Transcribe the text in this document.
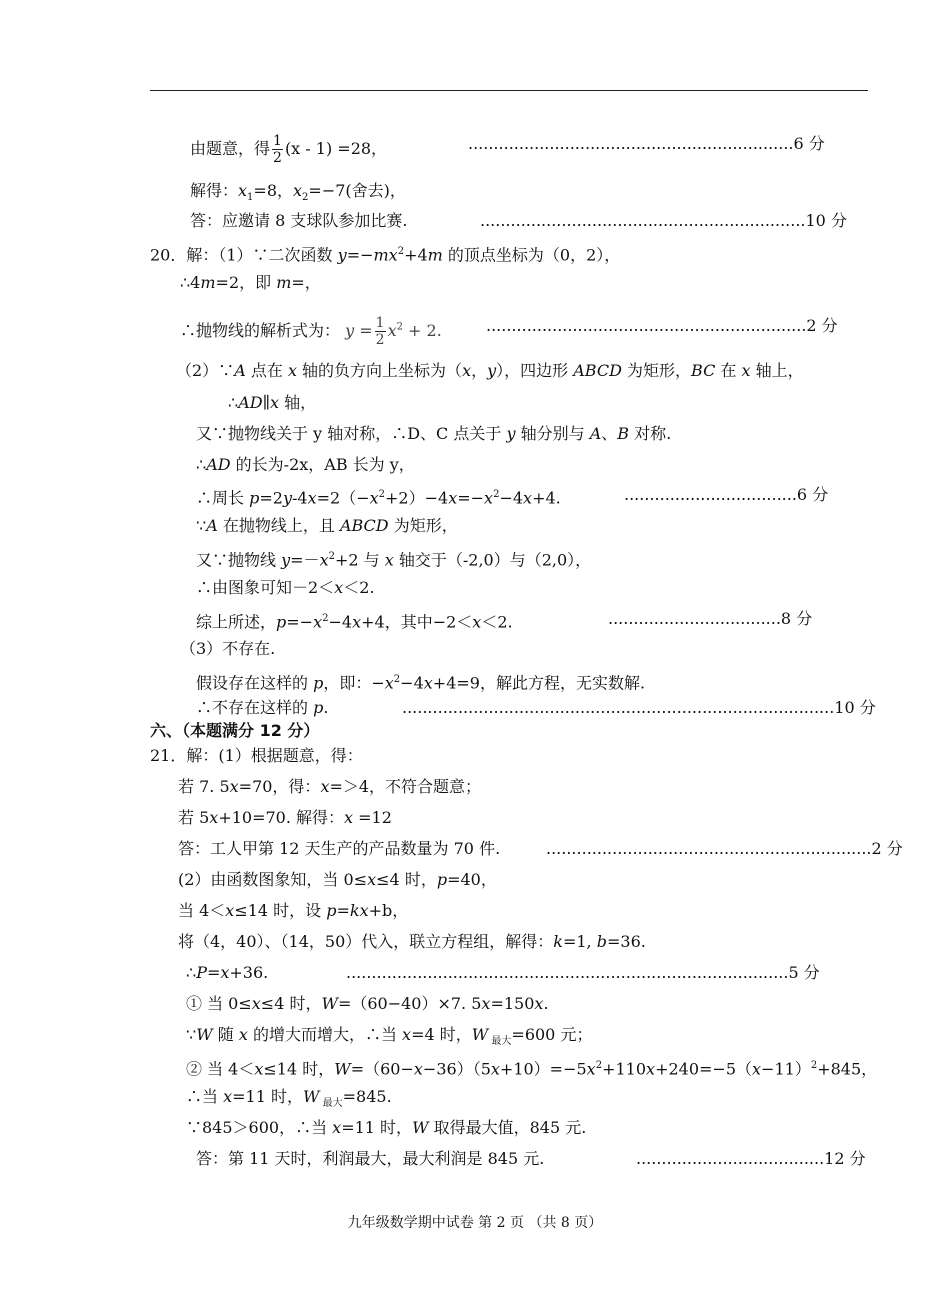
由题意，得 $\frac{1}{2} (x - 1) =28$，	................................................................6 分
解得：$x_1=8$，$x_2=-7$(舍去)，
答：应邀请 8 支球队参加比赛.	................................................................10 分
20．解：（1）∵二次函数 $y=-mx^2+4m$ 的顶点坐标为（0，2），
∴4m=2，即 m=，
∴抛物线的解析式为： $y = \frac{1}{2} x^2 + 2$.	...............................................................2 分
（2）∵A 点在 x 轴的负方向上坐标为（x，y），四边形 ABCD 为矩形，BC 在 x 轴上，
∴AD∥x 轴，
又∵抛物线关于 y 轴对称，∴D、C 点关于 y 轴分别与 A、B 对称.
∴AD 的长为-2x，AB 长为 y，
∴周长 $p=2y-4x=2(-x^2+2)-4x=-x^2-4x+4$.	..................................6 分
∵A 在抛物线上，且 ABCD 为矩形，
又∵抛物线 $y=-x^2+2$ 与 x 轴交于（-2,0）与（2,0），
∴由图象可知－2＜x＜2.
综上所述，$p=-x^2-4x+4$，其中−2＜x＜2.	..................................8 分
（3）不存在.
假设存在这样的 p，即：$-x^2-4x+4=9$，解此方程，无实数解.
∴不存在这样的 p.	.....................................................................................10 分
六、（本题满分 12 分）
21．解：(1）根据题意，得：
若 7. 5x=70，得：x=＞4，不符合题意；
若 5x+10=70. 解得：x =12
答：工人甲第 12 天生产的产品数量为 70 件.	................................................................2 分
(2）由函数图象知，当 0≤x≤4 时，p=40，
当 4＜x≤14 时，设 p=kx+b，
将（4，40）、（14，50）代入，联立方程组，解得：k=1, b=36.
∴P=x+36.	.......................................................................................5 分
① 当 0≤x≤4 时，W=（60−40）×7. 5x=150x.
∵W 随 x 的增大而增大，∴当 x=4 时，W $_{最大}$=600 元；
② 当 4＜x≤14 时，$W=(60-x-36)(5x+10)=-5x^2+110x+240=-5(x-11)^2+845$，
∴当 x=11 时，W $_{最大}$=845.
∵845＞600，∴当 x=11 时，W 取得最大值，845 元.
答：第 11 天时，利润最大，最大利润是 845 元.	.....................................12 分
九年级数学期中试卷 第 2 页 （共 8 页）
